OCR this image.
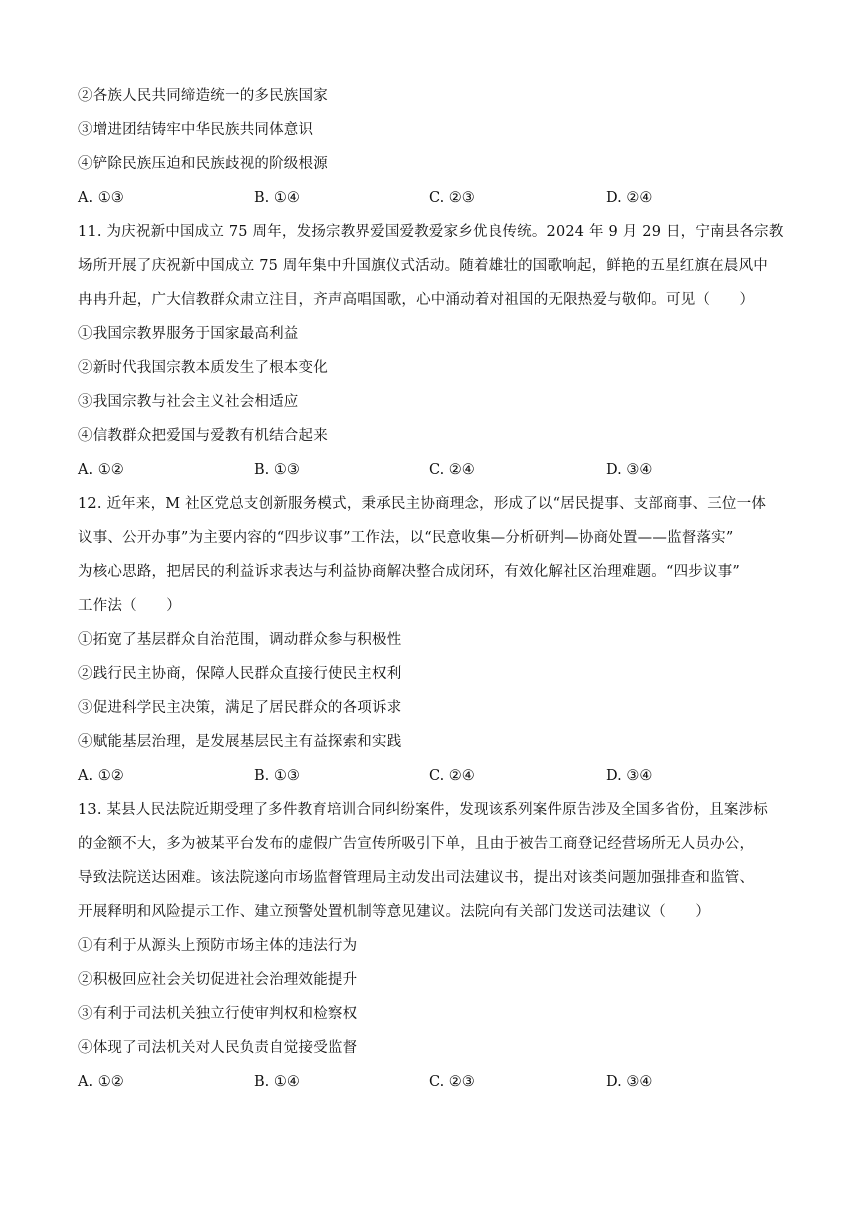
②各族人民共同缔造统一的多民族国家
③增进团结铸牢中华民族共同体意识
④铲除民族压迫和民族歧视的阶级根源
A. ①③	B. ①④	C. ②③	D. ②④
11. 为庆祝新中国成立 75 周年，发扬宗教界爱国爱教爱家乡优良传统。2024 年 9 月 29 日，宁南县各宗教
场所开展了庆祝新中国成立 75 周年集中升国旗仪式活动。随着雄壮的国歌响起，鲜艳的五星红旗在晨风中
冉冉升起，广大信教群众肃立注目，齐声高唱国歌，心中涌动着对祖国的无限热爱与敬仰。可见（　　）
①我国宗教界服务于国家最高利益
②新时代我国宗教本质发生了根本变化
③我国宗教与社会主义社会相适应
④信教群众把爱国与爱教有机结合起来
A. ①②	B. ①③	C. ②④	D. ③④
12. 近年来，M 社区党总支创新服务模式，秉承民主协商理念，形成了以“居民提事、支部商事、三位一体
议事、公开办事”为主要内容的“四步议事”工作法，以“民意收集—分析研判—协商处置——监督落实”
为核心思路，把居民的利益诉求表达与利益协商解决整合成闭环，有效化解社区治理难题。“四步议事”
工作法（　　）
①拓宽了基层群众自治范围，调动群众参与积极性
②践行民主协商，保障人民群众直接行使民主权利
③促进科学民主决策，满足了居民群众的各项诉求
④赋能基层治理，是发展基层民主有益探索和实践
A. ①②	B. ①③	C. ②④	D. ③④
13. 某县人民法院近期受理了多件教育培训合同纠纷案件，发现该系列案件原告涉及全国多省份，且案涉标
的金额不大，多为被某平台发布的虚假广告宣传所吸引下单，且由于被告工商登记经营场所无人员办公，
导致法院送达困难。该法院遂向市场监督管理局主动发出司法建议书，提出对该类问题加强排查和监管、
开展释明和风险提示工作、建立预警处置机制等意见建议。法院向有关部门发送司法建议（　　）
①有利于从源头上预防市场主体的违法行为
②积极回应社会关切促进社会治理效能提升
③有利于司法机关独立行使审判权和检察权
④体现了司法机关对人民负责自觉接受监督
A. ①②	B. ①④	C. ②③	D. ③④
